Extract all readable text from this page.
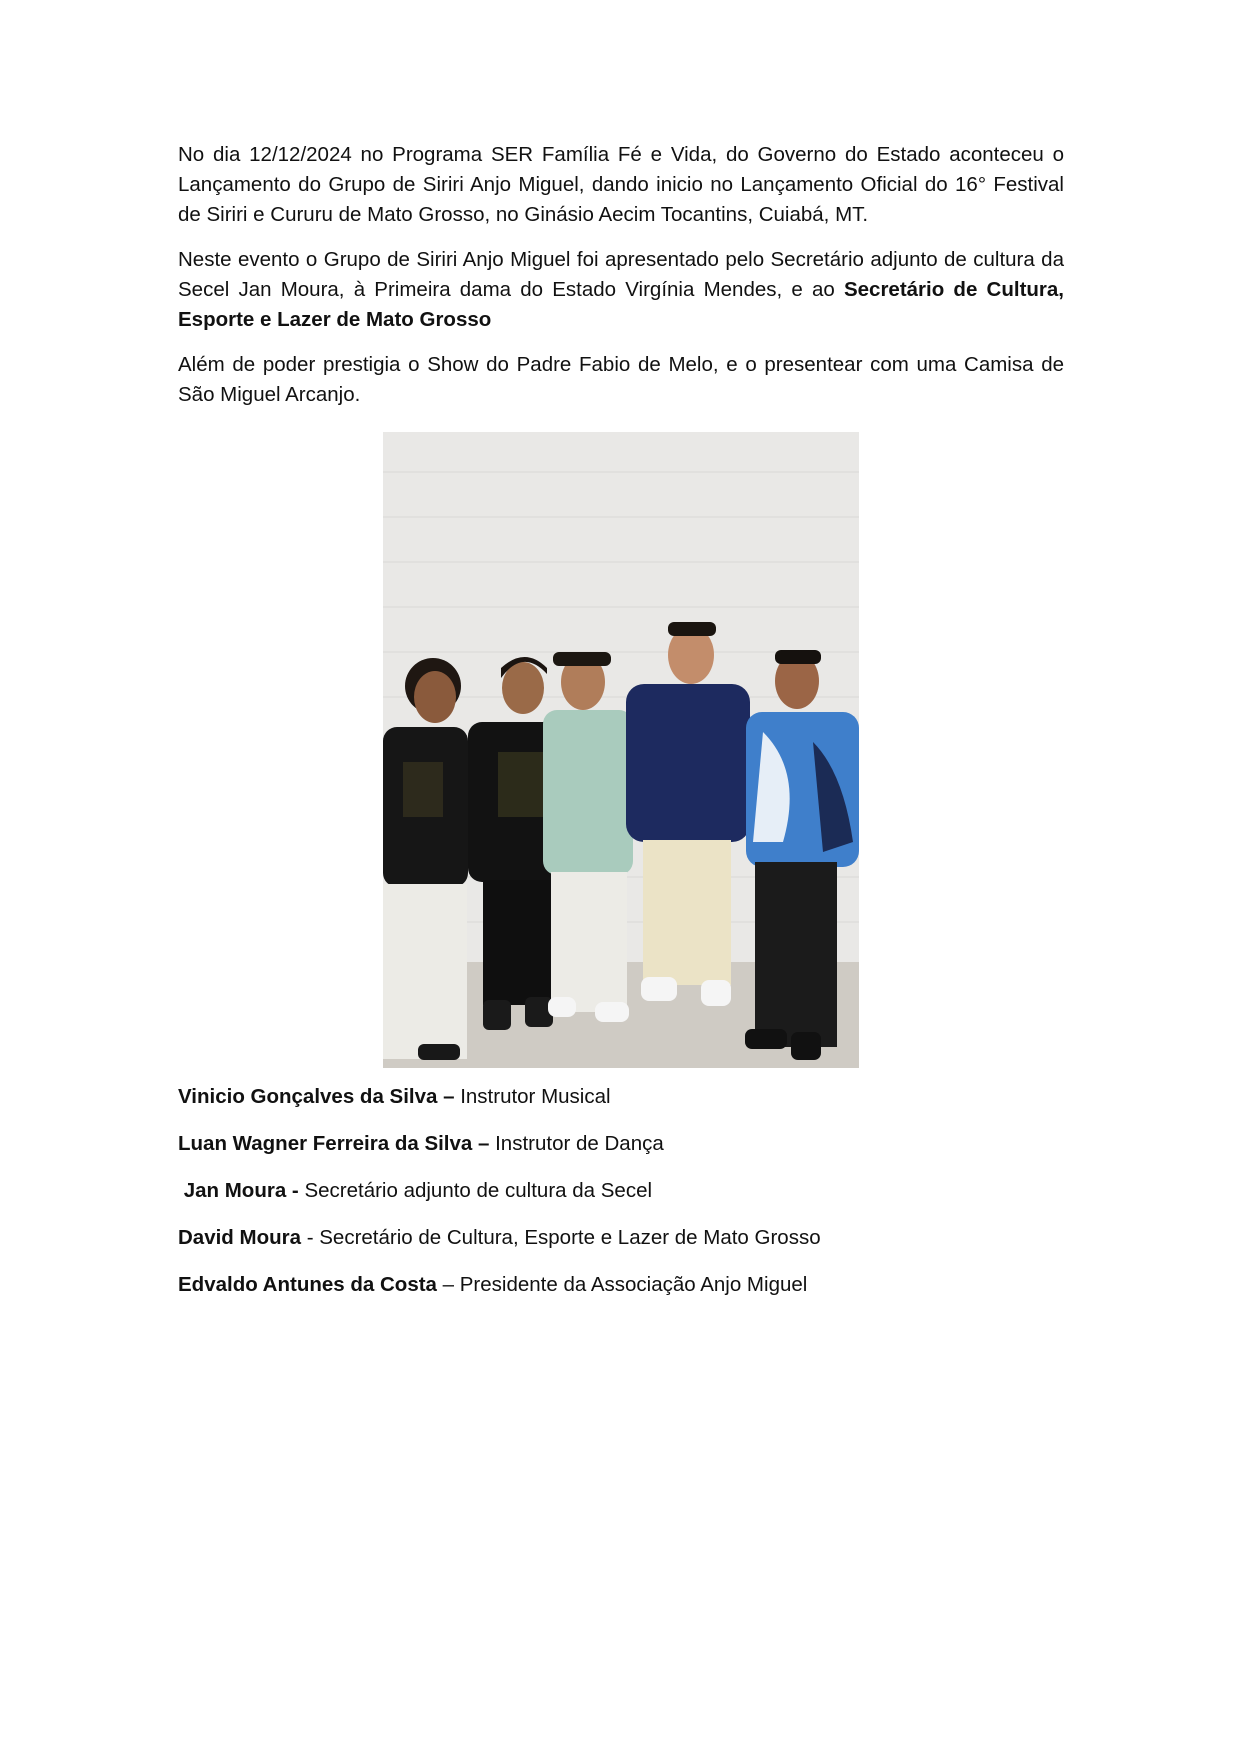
No dia 12/12/2024 no Programa SER Família Fé e Vida, do Governo do Estado aconteceu o Lançamento do Grupo de Siriri Anjo Miguel, dando inicio no Lançamento Oficial do 16° Festival de Siriri e Cururu de Mato Grosso, no Ginásio Aecim Tocantins, Cuiabá, MT.

Neste evento o Grupo de Siriri Anjo Miguel foi apresentado pelo Secretário adjunto de cultura da Secel Jan Moura, à Primeira dama do Estado Virgínia Mendes, e ao Secretário de Cultura, Esporte e Lazer de Mato Grosso

Além de poder prestigia o Show do Padre Fabio de Melo, e o presentear com uma Camisa de São Miguel Arcanjo.

Vinicio Gonçalves da Silva – Instrutor Musical

Luan Wagner Ferreira da Silva – Instrutor de Dança

Jan Moura - Secretário adjunto de cultura da Secel

David Moura - Secretário de Cultura, Esporte e Lazer de Mato Grosso

Edvaldo Antunes da Costa – Presidente da Associação Anjo Miguel
